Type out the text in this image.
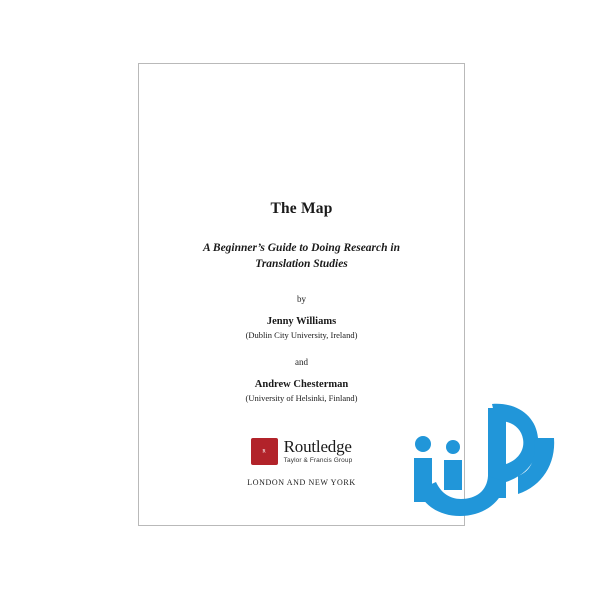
The Map
A Beginner’s Guide to Doing Research in Translation Studies
by
Jenny Williams
(Dublin City University, Ireland)
and
Andrew Chesterman
(University of Helsinki, Finland)
R	Routledge
Taylor & Francis Group
LONDON AND NEW YORK
